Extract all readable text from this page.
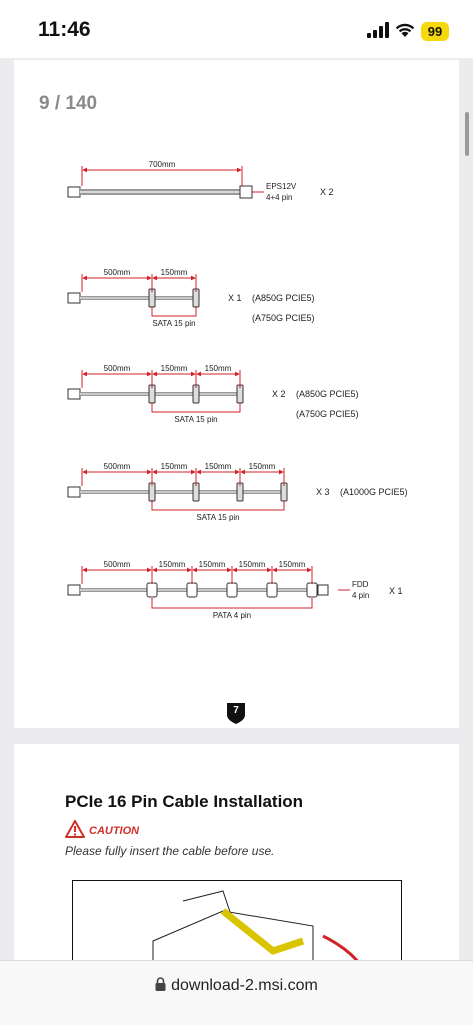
11:46	99
9 / 140
700mm
EPS12V
4+4 pin
X 2
500mm	150mm
SATA 15 pin
X 1 (A850G PCIE5)
(A750G PCIE5)
500mm	150mm 150mm
SATA 15 pin
X 2 (A850G PCIE5)
(A750G PCIE5)
500mm	150mm 150mm 150mm
SATA 15 pin
X 3 (A1000G PCIE5)
500mm	150mm 150mm 150mm 150mm
PATA 4 pin
FDD
4 pin X 1
7
PCIe 16 Pin Cable Installation
CAUTION
Please fully insert the cable before use.
download-2.msi.com
